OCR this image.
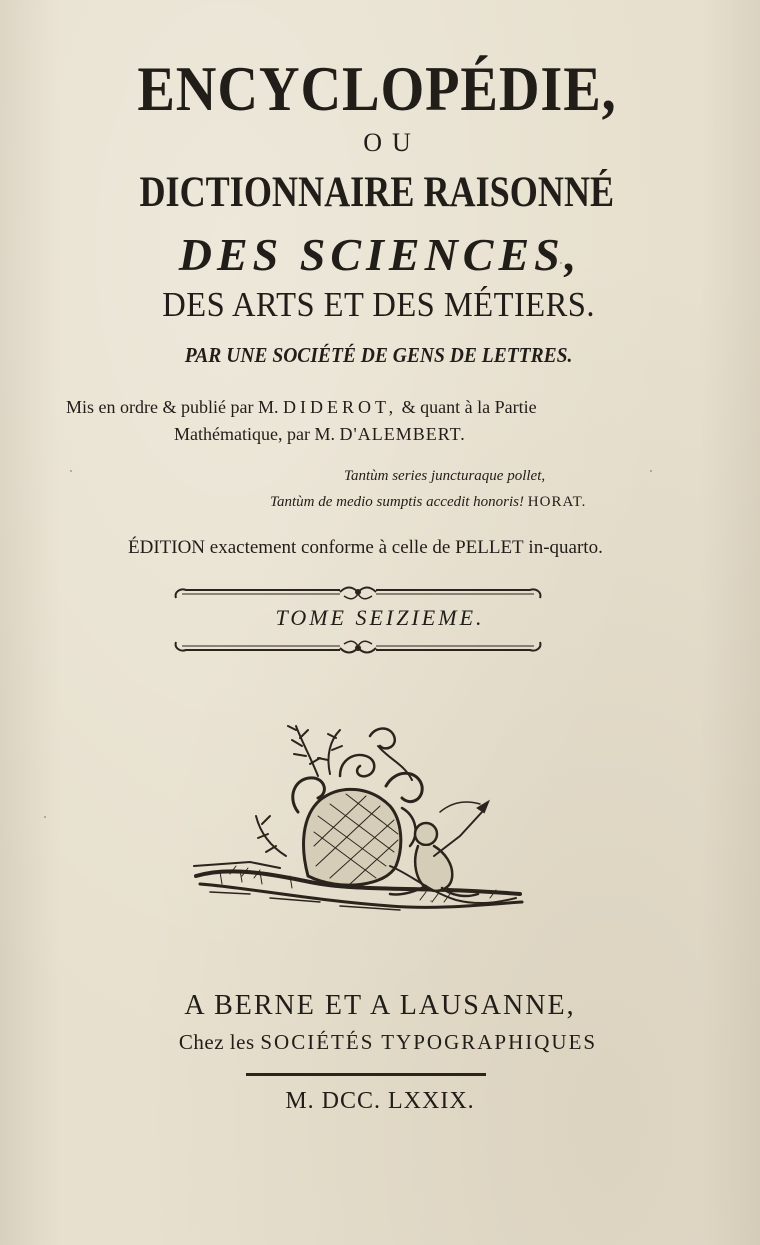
ENCYCLOPÉDIE,
OU
DICTIONNAIRE RAISONNÉ
DES SCIENCES,
DES ARTS ET DES MÉTIERS.
PAR UNE SOCIÉTÉ DE GENS DE LETTRES.
Mis en ordre & publié par M. DIDEROT, & quant à la Partie
Mathématique, par M. D'ALEMBERT.
Tantùm series juncturaque pollet,
Tantùm de medio sumptis accedit honoris! HORAT.
ÉDITION exactement conforme à celle de PELLET in-quarto.
TOME SEIZIEME.
A BERNE ET A LAUSANNE,
Chez les SOCIÉTÉS TYPOGRAPHIQUES
M. DCC. LXXIX.
